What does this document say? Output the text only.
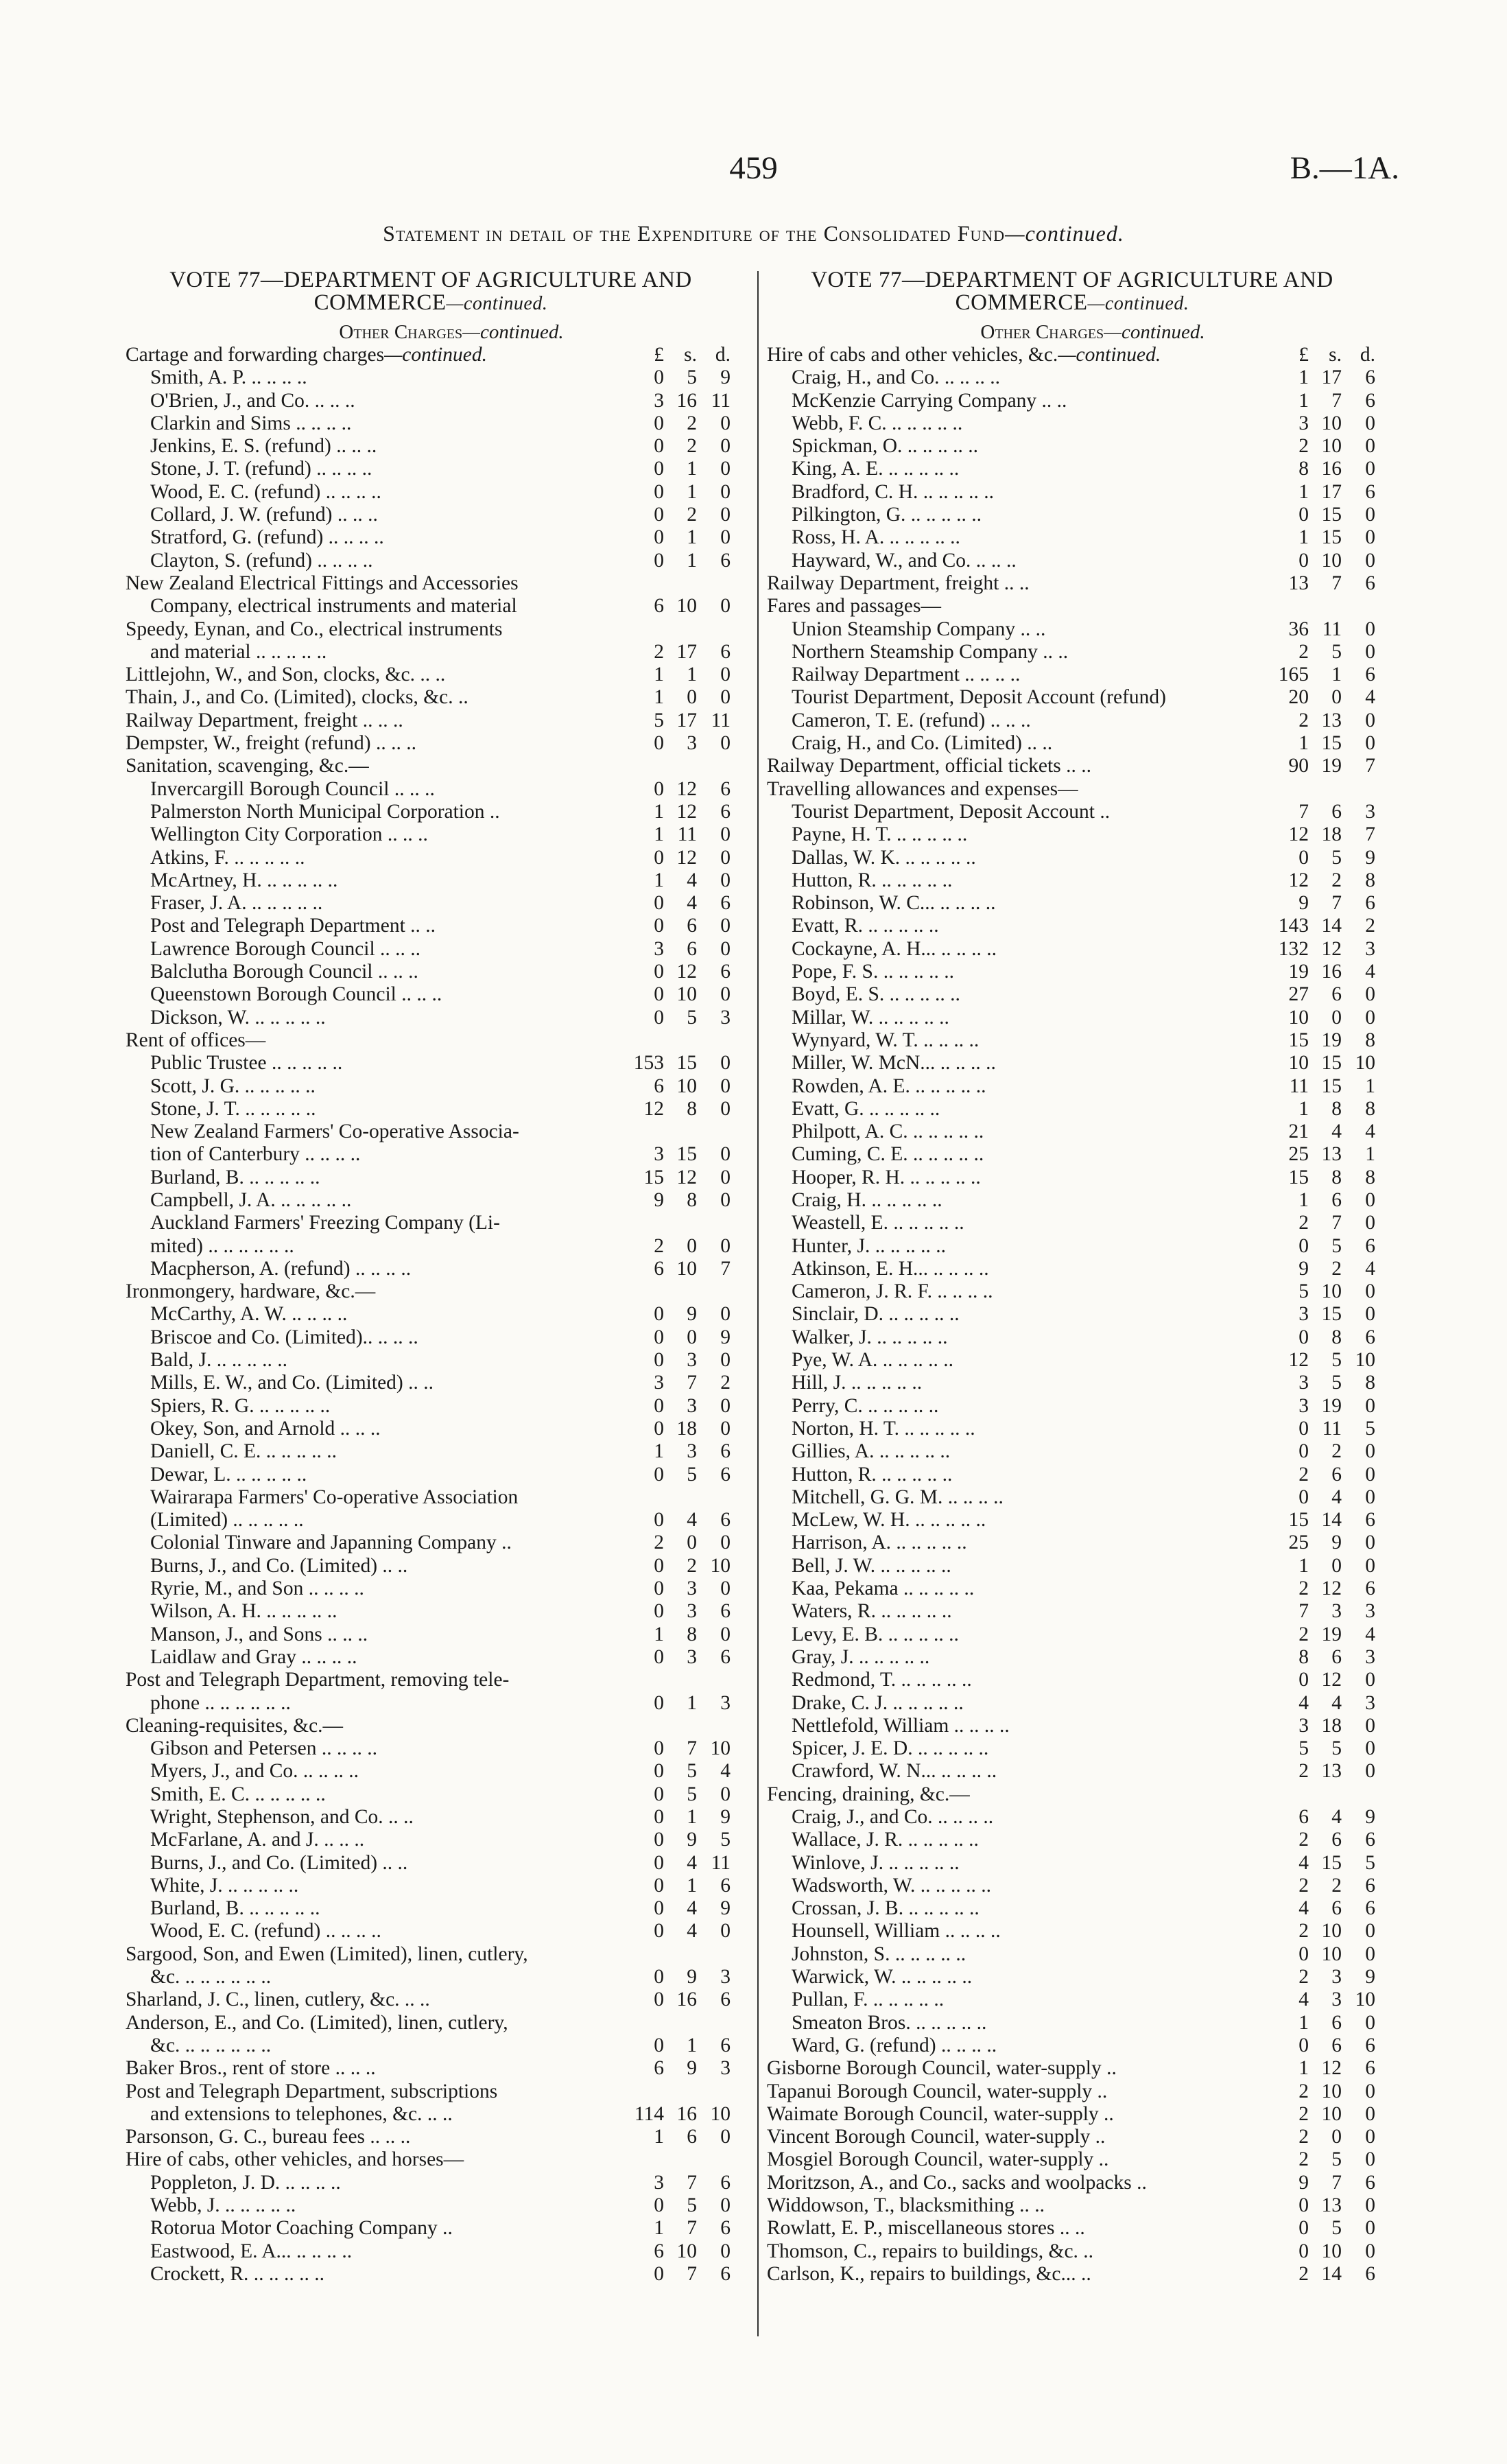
459	B.—1A.
Statement in detail of the Expenditure of the Consolidated Fund—continued.
VOTE 77—DEPARTMENT OF AGRICULTURE AND
COMMERCE—continued.
Other Charges—continued.
Cartage and forwarding charges—continued.	£ s. d.
Smith, A. P. .. .. .. ..	0	5	9
O'Brien, J., and Co. .. .. ..	3 16 11
Clarkin and Sims .. .. .. ..	0	2	0
Jenkins, E. S. (refund) .. .. ..	0	2	0
Stone, J. T. (refund) .. .. .. ..	0	1	0
Wood, E. C. (refund) .. .. .. ..	0	1	0
Collard, J. W. (refund) .. .. ..	0	2	0
Stratford, G. (refund) .. .. .. ..	0	1	0
Clayton, S. (refund) .. .. .. ..	0	1	6
New Zealand Electrical Fittings and Accessories
Company, electrical instruments and material	6 10	0
Speedy, Eynan, and Co., electrical instruments
and material .. .. .. .. ..	2 17	6
Littlejohn, W., and Son, clocks, &c. .. ..	1	1	0
Thain, J., and Co. (Limited), clocks, &c. ..	1	0	0
Railway Department, freight .. .. ..	5 17 11
Dempster, W., freight (refund) .. .. ..	0	3	0
Sanitation, scavenging, &c.—
Invercargill Borough Council .. .. ..	0 12	6
Palmerston North Municipal Corporation ..	1 12	6
Wellington City Corporation .. .. ..	1 11	0
Atkins, F. .. .. .. .. ..	0 12	0
McArtney, H. .. .. .. .. ..	1	4	0
Fraser, J. A. .. .. .. .. ..	0	4	6
Post and Telegraph Department .. ..	0	6	0
Lawrence Borough Council .. .. ..	3	6	0
Balclutha Borough Council .. .. ..	0 12	6
Queenstown Borough Council .. .. ..	0 10	0
Dickson, W. .. .. .. .. ..	0	5	3
Rent of offices—
Public Trustee .. .. .. .. ..	153 15	0
Scott, J. G. .. .. .. .. ..	6 10	0
Stone, J. T. .. .. .. .. ..	12	8	0
New Zealand Farmers' Co-operative Associa-
tion of Canterbury .. .. .. ..	3 15	0
Burland, B. .. .. .. .. ..	15 12	0
Campbell, J. A. .. .. .. .. ..	9	8	0
Auckland Farmers' Freezing Company (Li-
mited) .. .. .. .. .. ..	2	0	0
Macpherson, A. (refund) .. .. .. ..	6 10	7
Ironmongery, hardware, &c.—
McCarthy, A. W. .. .. .. ..	0	9	0
Briscoe and Co. (Limited).. .. .. ..	0	0	9
Bald, J. .. .. .. .. ..	0	3	0
Mills, E. W., and Co. (Limited) .. ..	3	7	2
Spiers, R. G. .. .. .. .. ..	0	3	0
Okey, Son, and Arnold .. .. ..	0 18	0
Daniell, C. E. .. .. .. .. ..	1	3	6
Dewar, L. .. .. .. .. ..	0	5	6
Wairarapa Farmers' Co-operative Association
(Limited) .. .. .. .. ..	0	4	6
Colonial Tinware and Japanning Company ..	2	0	0
Burns, J., and Co. (Limited) .. ..	0	2 10
Ryrie, M., and Son .. .. .. ..	0	3	0
Wilson, A. H. .. .. .. .. ..	0	3	6
Manson, J., and Sons .. .. ..	1	8	0
Laidlaw and Gray .. .. .. ..	0	3	6
Post and Telegraph Department, removing tele-
phone .. .. .. .. .. ..	0	1	3
Cleaning-requisites, &c.—
Gibson and Petersen .. .. .. ..	0	7 10
Myers, J., and Co. .. .. .. ..	0	5	4
Smith, E. C. .. .. .. .. ..	0	5	0
Wright, Stephenson, and Co. .. ..	0	1	9
McFarlane, A. and J. .. .. ..	0	9	5
Burns, J., and Co. (Limited) .. ..	0	4 11
White, J. .. .. .. .. ..	0	1	6
Burland, B. .. .. .. .. ..	0	4	9
Wood, E. C. (refund) .. .. .. ..	0	4	0
Sargood, Son, and Ewen (Limited), linen, cutlery,
&c. .. .. .. .. .. ..	0	9	3
Sharland, J. C., linen, cutlery, &c. .. ..	0 16	6
Anderson, E., and Co. (Limited), linen, cutlery,
&c. .. .. .. .. .. ..	0	1	6
Baker Bros., rent of store .. .. ..	6	9	3
Post and Telegraph Department, subscriptions
and extensions to telephones, &c. .. ..	114 16 10
Parsonson, G. C., bureau fees .. .. ..	1	6	0
Hire of cabs, other vehicles, and horses—
Poppleton, J. D. .. .. .. ..	3	7	6
Webb, J. .. .. .. .. ..	0	5	0
Rotorua Motor Coaching Company ..	1	7	6
Eastwood, E. A... .. .. .. ..	6 10	0
Crockett, R. .. .. .. .. ..	0	7	6
VOTE 77—DEPARTMENT OF AGRICULTURE AND
COMMERCE—continued.
Other Charges—continued.
Hire of cabs and other vehicles, &c.—continued.	£ s. d.
Craig, H., and Co. .. .. .. ..	1 17	6
McKenzie Carrying Company .. ..	1	7	6
Webb, F. C. .. .. .. .. ..	3 10	0
Spickman, O. .. .. .. .. ..	2 10	0
King, A. E. .. .. .. .. ..	8 16	0
Bradford, C. H. .. .. .. .. ..	1 17	6
Pilkington, G. .. .. .. .. ..	0 15	0
Ross, H. A. .. .. .. .. ..	1 15	0
Hayward, W., and Co. .. .. ..	0 10	0
Railway Department, freight .. ..	13	7	6
Fares and passages—
Union Steamship Company .. ..	36 11	0
Northern Steamship Company .. ..	2	5	0
Railway Department .. .. .. ..	165	1	6
Tourist Department, Deposit Account (refund)	20	0	4
Cameron, T. E. (refund) .. .. ..	2 13	0
Craig, H., and Co. (Limited) .. ..	1 15	0
Railway Department, official tickets .. ..	90 19	7
Travelling allowances and expenses—
Tourist Department, Deposit Account ..	7	6	3
Payne, H. T. .. .. .. .. ..	12 18	7
Dallas, W. K. .. .. .. .. ..	0	5	9
Hutton, R. .. .. .. .. ..	12	2	8
Robinson, W. C... .. .. .. ..	9	7	6
Evatt, R. .. .. .. .. ..	143 14	2
Cockayne, A. H... .. .. .. ..	132 12	3
Pope, F. S. .. .. .. .. ..	19 16	4
Boyd, E. S. .. .. .. .. ..	27	6	0
Millar, W. .. .. .. .. ..	10	0	0
Wynyard, W. T. .. .. .. ..	15 19	8
Miller, W. McN... .. .. .. ..	10 15 10
Rowden, A. E. .. .. .. .. ..	11 15	1
Evatt, G. .. .. .. .. ..	1	8	8
Philpott, A. C. .. .. .. .. ..	21	4	4
Cuming, C. E. .. .. .. .. ..	25 13	1
Hooper, R. H. .. .. .. .. ..	15	8	8
Craig, H. .. .. .. .. ..	1	6	0
Weastell, E. .. .. .. .. ..	2	7	0
Hunter, J. .. .. .. .. ..	0	5	6
Atkinson, E. H... .. .. .. ..	9	2	4
Cameron, J. R. F. .. .. .. ..	5 10	0
Sinclair, D. .. .. .. .. ..	3 15	0
Walker, J. .. .. .. .. ..	0	8	6
Pye, W. A. .. .. .. .. ..	12	5 10
Hill, J. .. .. .. .. ..	3	5	8
Perry, C. .. .. .. .. ..	3 19	0
Norton, H. T. .. .. .. .. ..	0 11	5
Gillies, A. .. .. .. .. ..	0	2	0
Hutton, R. .. .. .. .. ..	2	6	0
Mitchell, G. G. M. .. .. .. ..	0	4	0
McLew, W. H. .. .. .. .. ..	15 14	6
Harrison, A. .. .. .. .. ..	25	9	0
Bell, J. W. .. .. .. .. ..	1	0	0
Kaa, Pekama .. .. .. .. ..	2 12	6
Waters, R. .. .. .. .. ..	7	3	3
Levy, E. B. .. .. .. .. ..	2 19	4
Gray, J. .. .. .. .. ..	8	6	3
Redmond, T. .. .. .. .. ..	0 12	0
Drake, C. J. .. .. .. .. ..	4	4	3
Nettlefold, William .. .. .. ..	3 18	0
Spicer, J. E. D. .. .. .. .. ..	5	5	0
Crawford, W. N... .. .. .. ..	2 13	0
Fencing, draining, &c.—
Craig, J., and Co. .. .. .. ..	6	4	9
Wallace, J. R. .. .. .. .. ..	2	6	6
Winlove, J. .. .. .. .. ..	4 15	5
Wadsworth, W. .. .. .. .. ..	2	2	6
Crossan, J. B. .. .. .. .. ..	4	6	6
Hounsell, William .. .. .. ..	2 10	0
Johnston, S. .. .. .. .. ..	0 10	0
Warwick, W. .. .. .. .. ..	2	3	9
Pullan, F. .. .. .. .. ..	4	3 10
Smeaton Bros. .. .. .. .. ..	1	6	0
Ward, G. (refund) .. .. .. ..	0	6	6
Gisborne Borough Council, water-supply ..	1 12	6
Tapanui Borough Council, water-supply ..	2 10	0
Waimate Borough Council, water-supply ..	2 10	0
Vincent Borough Council, water-supply ..	2	0	0
Mosgiel Borough Council, water-supply ..	2	5	0
Moritzson, A., and Co., sacks and woolpacks ..	9	7	6
Widdowson, T., blacksmithing .. ..	0 13	0
Rowlatt, E. P., miscellaneous stores .. ..	0	5	0
Thomson, C., repairs to buildings, &c. ..	0 10	0
Carlson, K., repairs to buildings, &c... ..	2 14	6
